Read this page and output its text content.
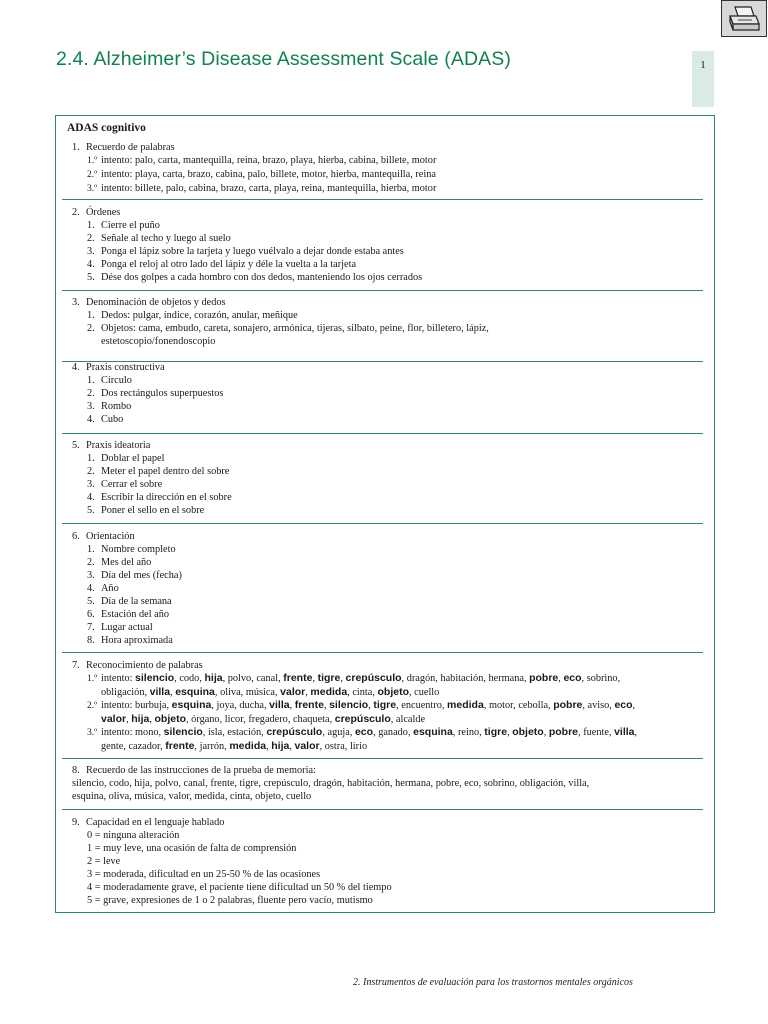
2.4. Alzheimer’s Disease Assessment Scale (ADAS)	1
ADAS cognitivo
1. Recuerdo de palabras
1.º intento: palo, carta, mantequilla, reina, brazo, playa, hierba, cabina, billete, motor
2.º intento: playa, carta, brazo, cabina, palo, billete, motor, hierba, mantequilla, reina
3.º intento: billete, palo, cabina, brazo, carta, playa, reina, mantequilla, hierba, motor
2. Órdenes
1. Cierre el puño
2. Señale al techo y luego al suelo
3. Ponga el lápiz sobre la tarjeta y luego vuélvalo a dejar donde estaba antes
4. Ponga el reloj al otro lado del lápiz y déle la vuelta a la tarjeta
5. Dése dos golpes a cada hombro con dos dedos, manteniendo los ojos cerrados
3. Denominación de objetos y dedos
1. Dedos: pulgar, índice, corazón, anular, meñique
2. Objetos: cama, embudo, careta, sonajero, armónica, tijeras, silbato, peine, flor, billetero, lápiz,
estetoscopio/fonendoscopio
4. Praxis constructiva
1. Círculo
2. Dos rectángulos superpuestos
3. Rombo
4. Cubo
5. Praxis ideatoria
1. Doblar el papel
2. Meter el papel dentro del sobre
3. Cerrar el sobre
4. Escribir la dirección en el sobre
5. Poner el sello en el sobre
6. Orientación
1. Nombre completo
2. Mes del año
3. Día del mes (fecha)
4. Año
5. Día de la semana
6. Estación del año
7. Lugar actual
8. Hora aproximada
7. Reconocimiento de palabras
1.º intento: silencio, codo, hija, polvo, canal, frente, tigre, crepúsculo, dragón, habitación, hermana, pobre, eco, sobrino,
obligación, villa, esquina, oliva, música, valor, medida, cinta, objeto, cuello
2.º intento: burbuja, esquina, joya, ducha, villa, frente, silencio, tigre, encuentro, medida, motor, cebolla, pobre, aviso, eco,
valor, hija, objeto, órgano, licor, fregadero, chaqueta, crepúsculo, alcalde
3.º intento: mono, silencio, isla, estación, crepúsculo, aguja, eco, ganado, esquina, reino, tigre, objeto, pobre, fuente, villa,
gente, cazador, frente, jarrón, medida, hija, valor, ostra, lirio
8. Recuerdo de las instrucciones de la prueba de memoria:
silencio, codo, hija, polvo, canal, frente, tigre, crepúsculo, dragón, habitación, hermana, pobre, eco, sobrino, obligación, villa,
esquina, oliva, música, valor, medida, cinta, objeto, cuello
9. Capacidad en el lenguaje hablado
0 = ninguna alteración
1 = muy leve, una ocasión de falta de comprensión
2 = leve
3 = moderada, dificultad en un 25-50 % de las ocasiones
4 = moderadamente grave, el paciente tiene dificultad un 50 % del tiempo
5 = grave, expresiones de 1 o 2 palabras, fluente pero vacío, mutismo
2. Instrumentos de evaluación para los trastornos mentales orgánicos
